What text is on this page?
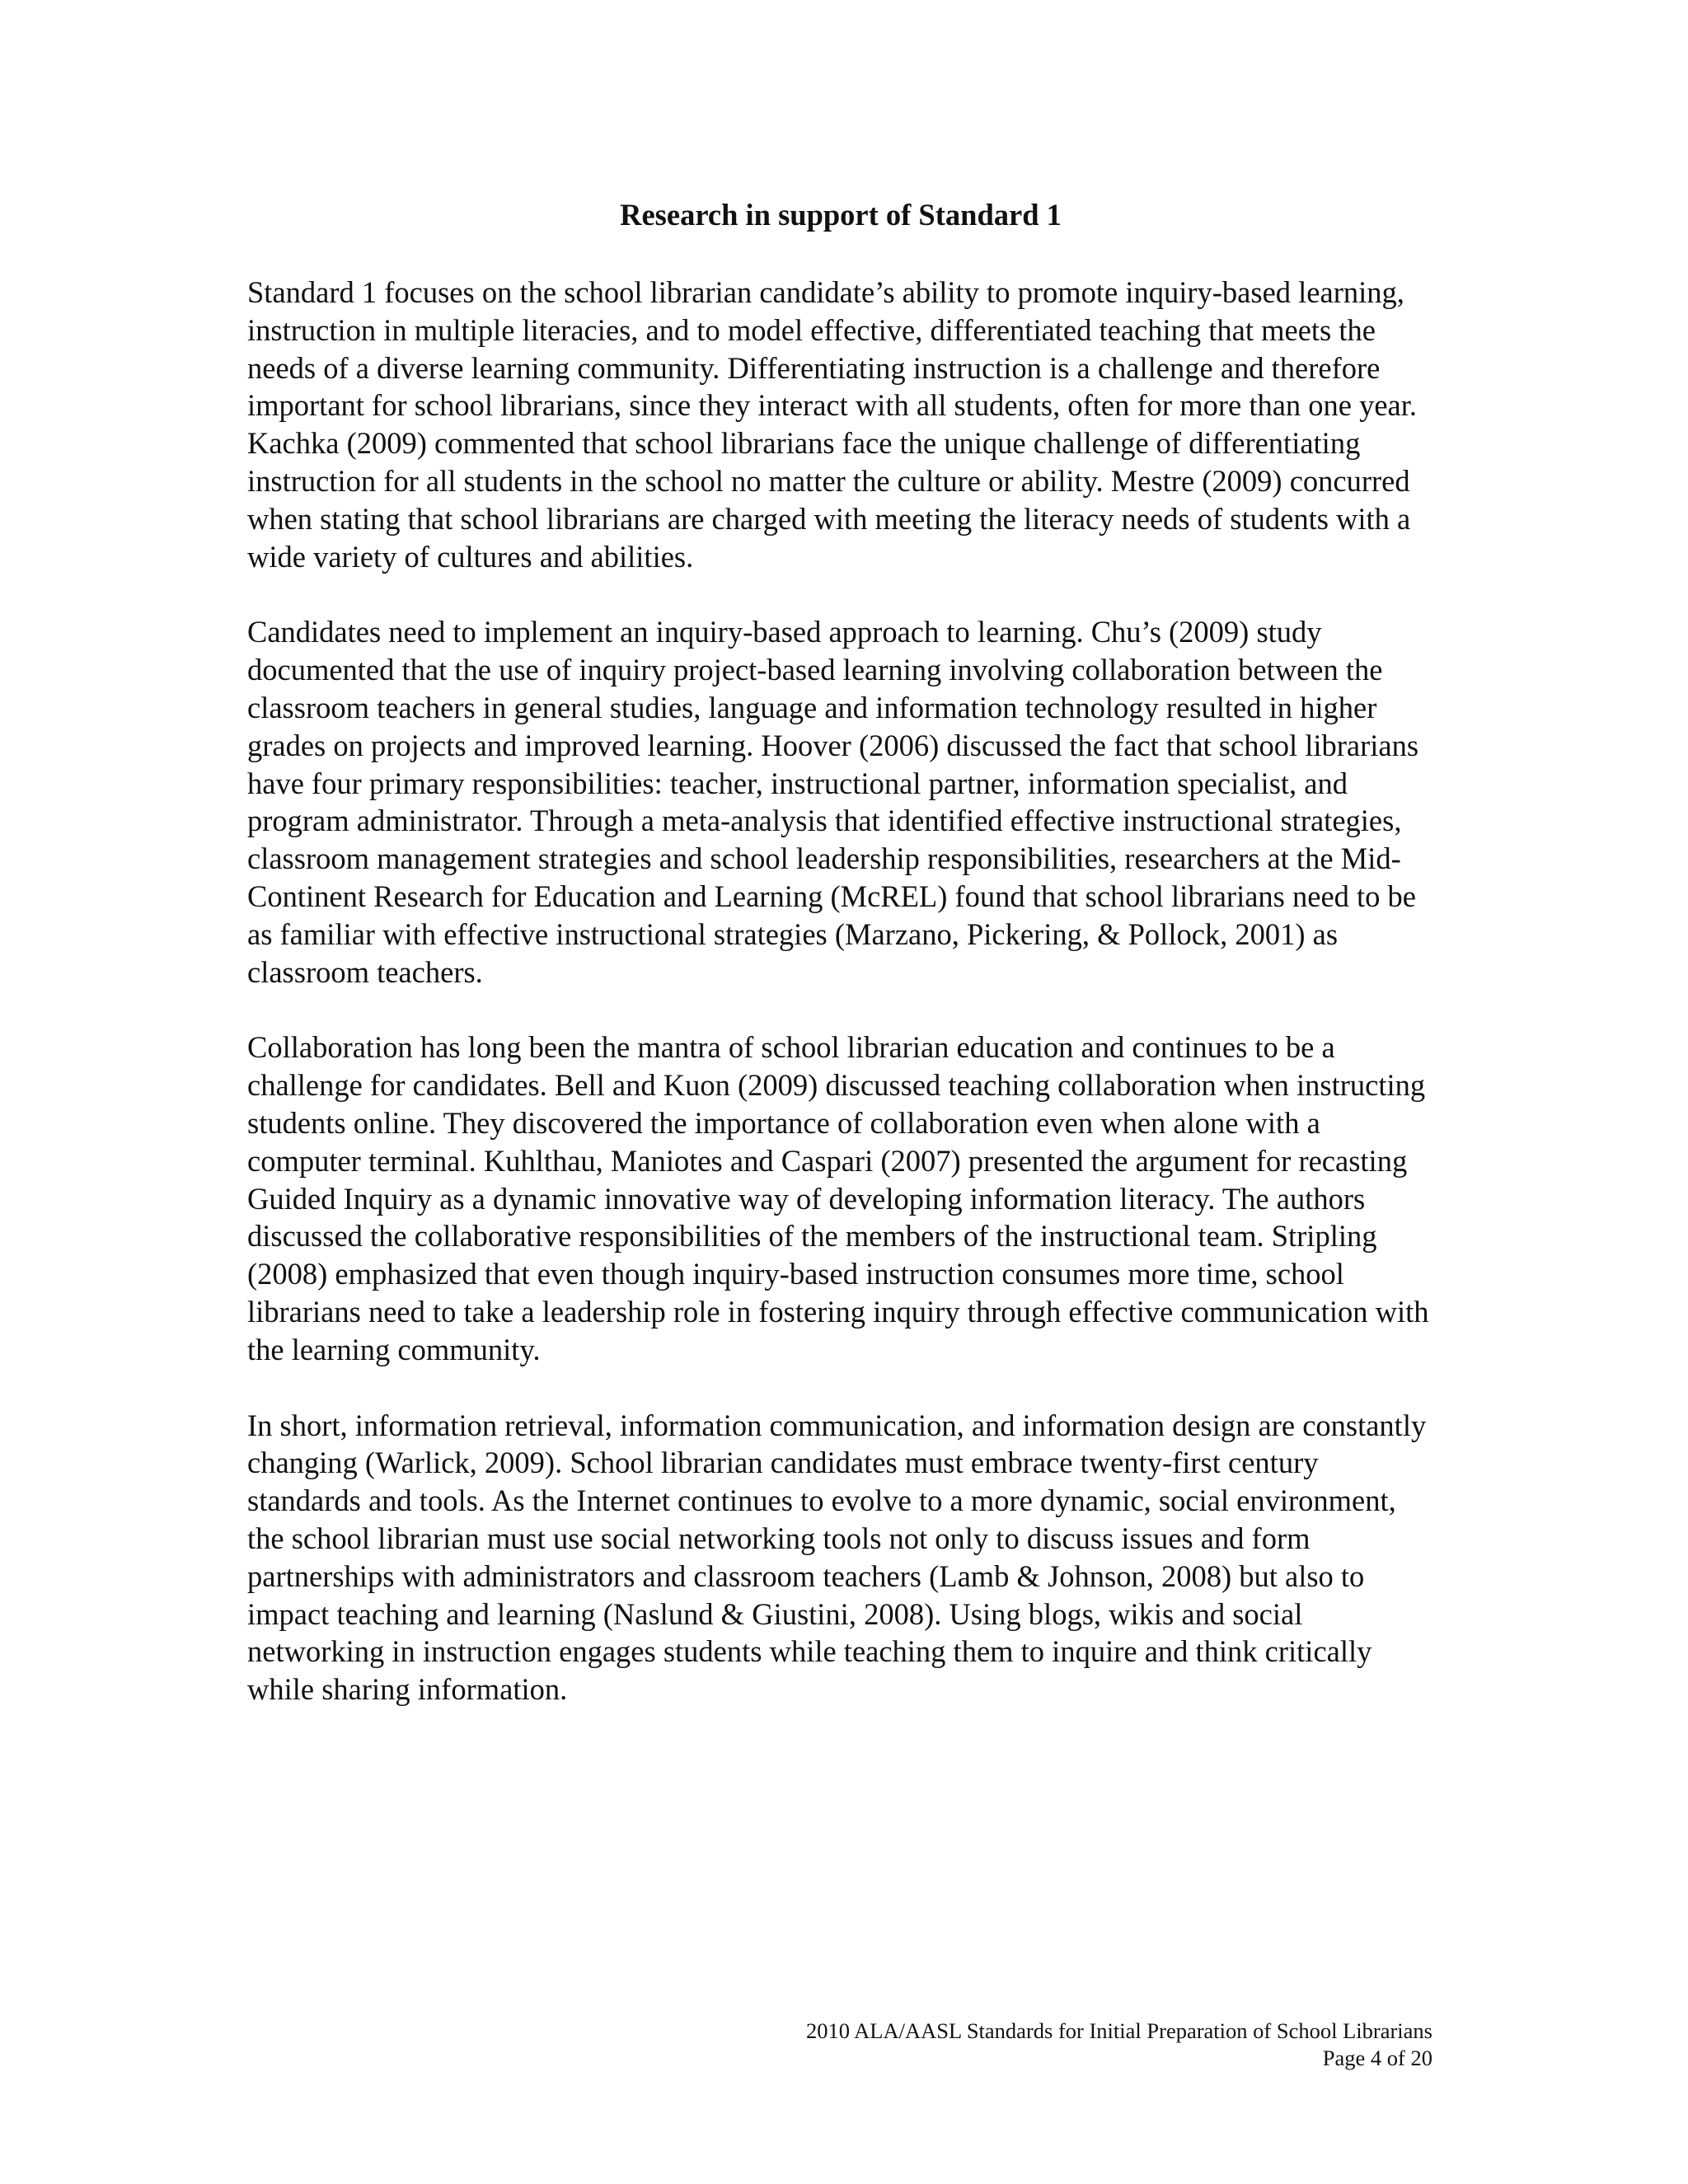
Research in support of Standard 1

Standard 1 focuses on the school librarian candidate’s ability to promote inquiry-based learning, instruction in multiple literacies, and to model effective, differentiated teaching that meets the needs of a diverse learning community. Differentiating instruction is a challenge and therefore important for school librarians, since they interact with all students, often for more than one year. Kachka (2009) commented that school librarians face the unique challenge of differentiating instruction for all students in the school no matter the culture or ability. Mestre (2009) concurred when stating that school librarians are charged with meeting the literacy needs of students with a wide variety of cultures and abilities.

Candidates need to implement an inquiry-based approach to learning. Chu’s (2009) study documented that the use of inquiry project-based learning involving collaboration between the classroom teachers in general studies, language and information technology resulted in higher grades on projects and improved learning. Hoover (2006) discussed the fact that school librarians have four primary responsibilities: teacher, instructional partner, information specialist, and program administrator. Through a meta-analysis that identified effective instructional strategies, classroom management strategies and school leadership responsibilities, researchers at the Mid-Continent Research for Education and Learning (McREL) found that school librarians need to be as familiar with effective instructional strategies (Marzano, Pickering, & Pollock, 2001) as classroom teachers.

Collaboration has long been the mantra of school librarian education and continues to be a challenge for candidates. Bell and Kuon (2009) discussed teaching collaboration when instructing students online. They discovered the importance of collaboration even when alone with a computer terminal. Kuhlthau, Maniotes and Caspari (2007) presented the argument for recasting Guided Inquiry as a dynamic innovative way of developing information literacy. The authors discussed the collaborative responsibilities of the members of the instructional team. Stripling (2008) emphasized that even though inquiry-based instruction consumes more time, school librarians need to take a leadership role in fostering inquiry through effective communication with the learning community.

In short, information retrieval, information communication, and information design are constantly changing (Warlick, 2009). School librarian candidates must embrace twenty-first century standards and tools. As the Internet continues to evolve to a more dynamic, social environment, the school librarian must use social networking tools not only to discuss issues and form partnerships with administrators and classroom teachers (Lamb & Johnson, 2008) but also to impact teaching and learning (Naslund & Giustini, 2008). Using blogs, wikis and social networking in instruction engages students while teaching them to inquire and think critically while sharing information.

2010 ALA/AASL Standards for Initial Preparation of School Librarians
Page 4 of 20
